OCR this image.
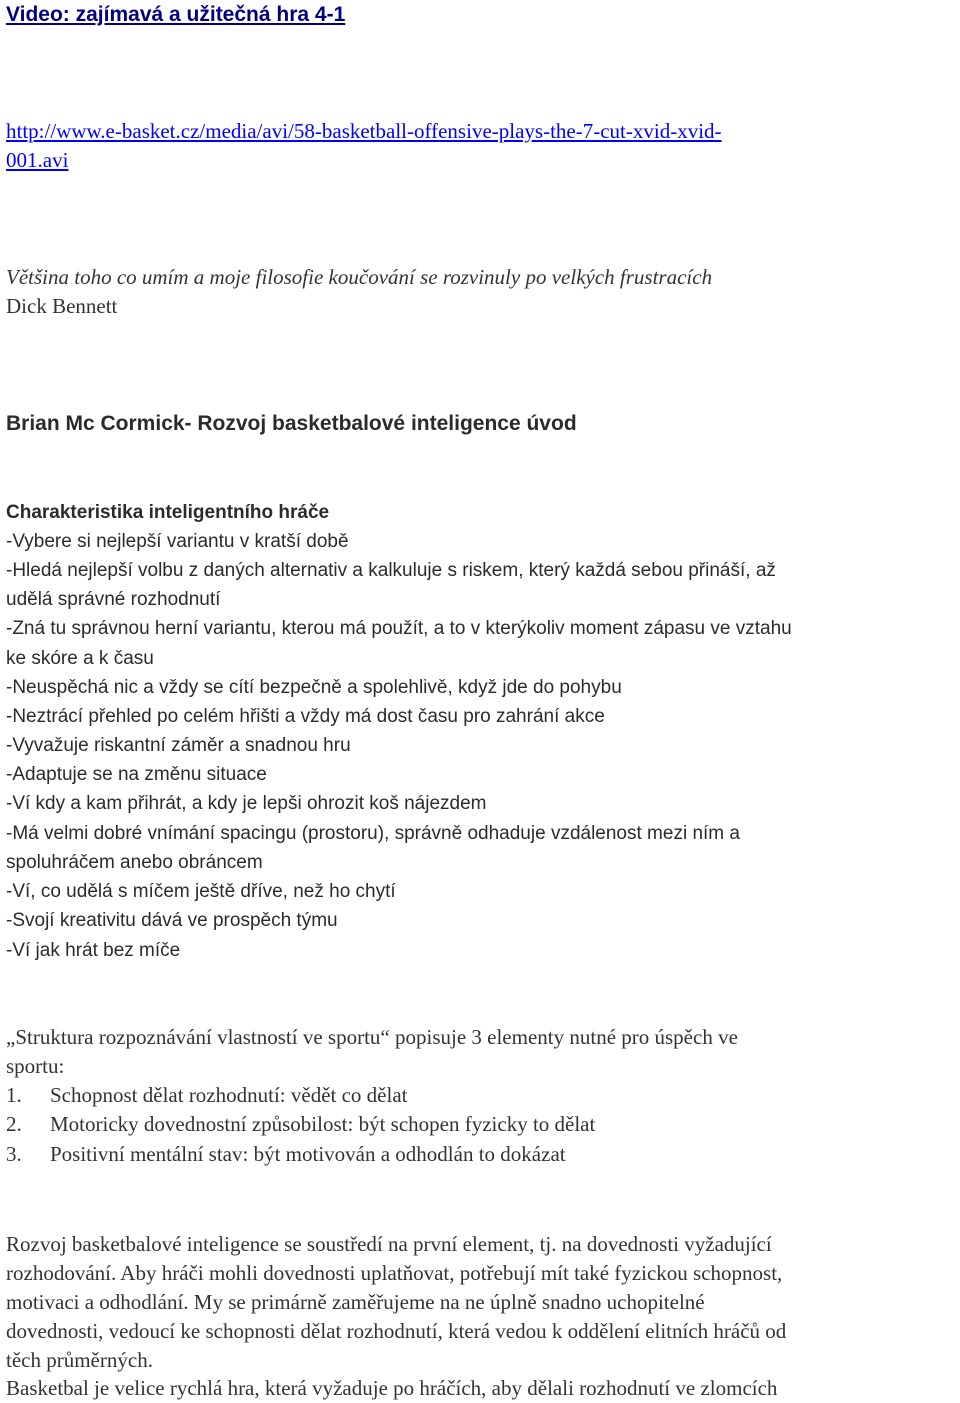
Video: zajímavá a užitečná hra 4-1
http://www.e-basket.cz/media/avi/58-basketball-offensive-plays-the-7-cut-xvid-xvid-
001.avi
Většina toho co umím a moje filosofie koučování se rozvinuly po velkých frustracích
Dick Bennett
Brian Mc Cormick- Rozvoj basketbalové inteligence úvod
Charakteristika inteligentního hráče
-Vybere si nejlepší variantu v kratší době
-Hledá nejlepší volbu z daných alternativ a kalkuluje s riskem, který každá sebou přináší, až
udělá správné rozhodnutí
-Zná tu správnou herní variantu, kterou má použít, a to v kterýkoliv moment zápasu ve vztahu
ke skóre a k času
-Neuspěchá nic a vždy se cítí bezpečně a spolehlivě, když jde do pohybu
-Neztrácí přehled po celém hřišti a vždy má dost času pro zahrání akce
-Vyvažuje riskantní záměr a snadnou hru
-Adaptuje se na změnu situace
-Ví kdy a kam přihrát, a kdy je lepši ohrozit koš nájezdem
-Má velmi dobré vnímání spacingu (prostoru), správně odhaduje vzdálenost mezi ním a
spoluhráčem anebo obráncem
-Ví, co udělá s míčem ještě dříve, než ho chytí
-Svojí kreativitu dává ve prospěch týmu
-Ví jak hrát bez míče
„Struktura rozpoznávání vlastností ve sportu“ popisuje 3 elementy nutné pro úspěch ve
sportu:
1. Schopnost dělat rozhodnutí: vědět co dělat
2. Motoricky dovednostní způsobilost: být schopen fyzicky to dělat
3. Positivní mentální stav: být motivován a odhodlán to dokázat
Rozvoj basketbalové inteligence se soustředí na první element, tj. na dovednosti vyžadující
rozhodování. Aby hráči mohli dovednosti uplatňovat, potřebují mít také fyzickou schopnost,
motivaci a odhodlání. My se primárně zaměřujeme na ne úplně snadno uchopitelné
dovednosti, vedoucí ke schopnosti dělat rozhodnutí, která vedou k oddělení elitních hráčů od
těch průměrných.
Basketbal je velice rychlá hra, která vyžaduje po hráčích, aby dělali rozhodnutí ve zlomcích
